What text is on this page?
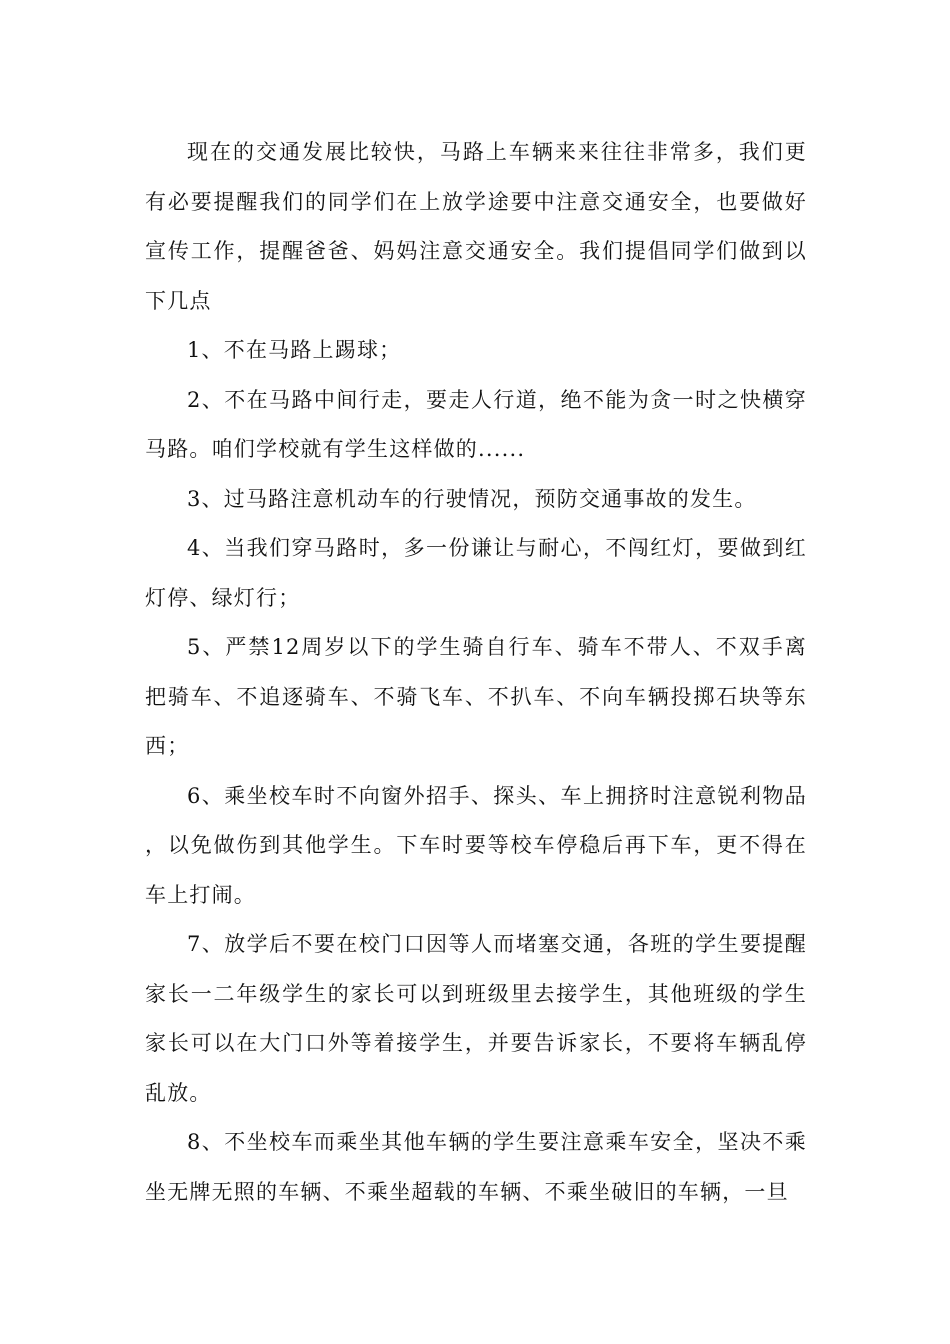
现在的交通发展比较快，马路上车辆来来往往非常多，我们更有必要提醒我们的同学们在上放学途要中注意交通安全，也要做好宣传工作，提醒爸爸、妈妈注意交通安全。我们提倡同学们做到以下几点

1、不在马路上踢球；

2、不在马路中间行走，要走人行道，绝不能为贪一时之快横穿马路。咱们学校就有学生这样做的......

3、过马路注意机动车的行驶情况，预防交通事故的发生。

4、当我们穿马路时，多一份谦让与耐心，不闯红灯，要做到红灯停、绿灯行；

5、严禁12周岁以下的学生骑自行车、骑车不带人、不双手离把骑车、不追逐骑车、不骑飞车、不扒车、不向车辆投掷石块等东西；

6、乘坐校车时不向窗外招手、探头、车上拥挤时注意锐利物品，以免做伤到其他学生。下车时要等校车停稳后再下车，更不得在车上打闹。

7、放学后不要在校门口因等人而堵塞交通，各班的学生要提醒家长一二年级学生的家长可以到班级里去接学生，其他班级的学生家长可以在大门口外等着接学生，并要告诉家长，不要将车辆乱停乱放。

8、不坐校车而乘坐其他车辆的学生要注意乘车安全，坚决不乘坐无牌无照的车辆、不乘坐超载的车辆、不乘坐破旧的车辆，一旦
